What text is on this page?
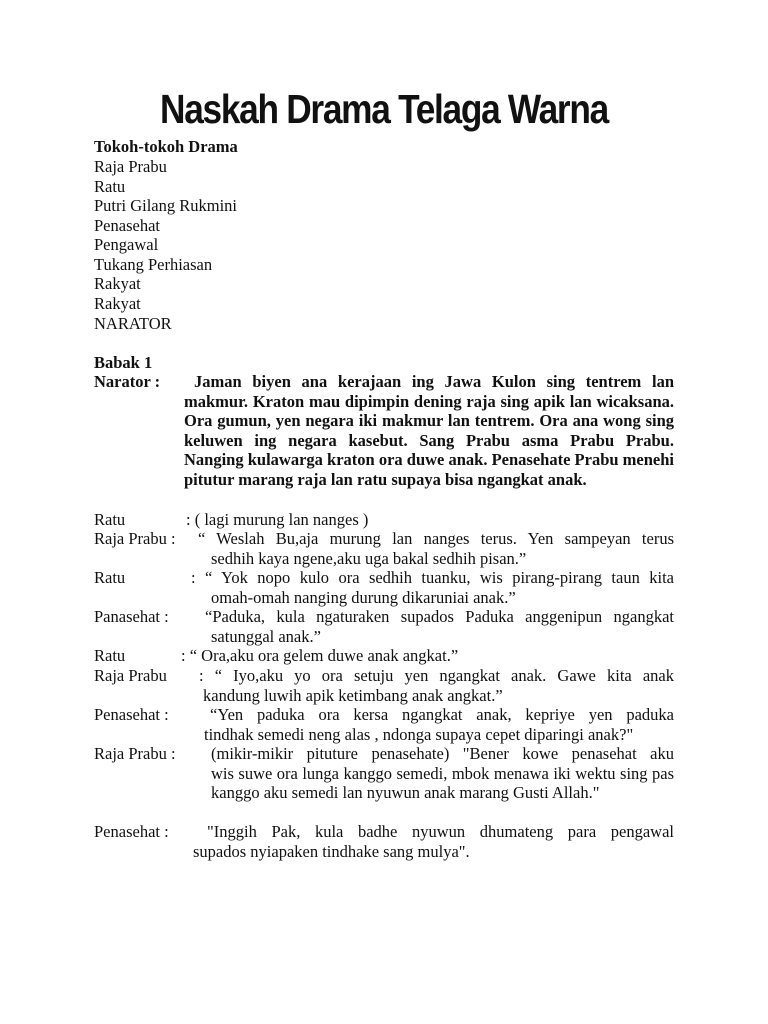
Naskah Drama Telaga Warna
Tokoh-tokoh Drama
Raja Prabu
Ratu
Putri Gilang Rukmini
Penasehat
Pengawal
Tukang Perhiasan
Rakyat
Rakyat
NARATOR
Babak 1
Narator :	Jaman biyen ana kerajaan ing Jawa Kulon sing tentrem lan
makmur. Kraton mau dipimpin dening raja sing apik lan wicaksana. Ora gumun, yen negara iki makmur lan tentrem. Ora ana wong sing keluwen ing negara kasebut. Sang Prabu asma Prabu Prabu. Nanging kulawarga kraton ora duwe anak. Penasehate Prabu menehi pitutur marang raja lan ratu supaya bisa ngangkat anak.
Ratu	: ( lagi murung lan nanges )
Raja Prabu : “ Weslah Bu,aja murung lan nanges terus. Yen sampeyan terus
sedhih kaya ngene,aku uga bakal sedhih pisan.”
Ratu	: “ Yok nopo kulo ora sedhih tuanku, wis pirang-pirang taun kita
omah-omah nanging durung dikaruniai anak.”
Panasehat : “Paduka, kula ngaturaken supados Paduka anggenipun ngangkat
satunggal anak.”
Ratu	: “ Ora,aku ora gelem duwe anak angkat.”
Raja Prabu : “ Iyo,aku yo ora setuju yen ngangkat anak. Gawe kita anak
kandung luwih apik ketimbang anak angkat.”
Penasehat :	“Yen paduka ora kersa ngangkat anak, kepriye yen paduka
tindhak semedi neng alas , ndonga supaya cepet diparingi anak?"
Raja Prabu : (mikir-mikir pituture penasehate) "Bener kowe penasehat aku
wis suwe ora lunga kanggo semedi, mbok menawa iki wektu sing pas kanggo aku semedi lan nyuwun anak marang Gusti Allah."
Penasehat :	"Inggih Pak, kula badhe nyuwun dhumateng para pengawal
supados nyiapaken tindhake sang mulya".
